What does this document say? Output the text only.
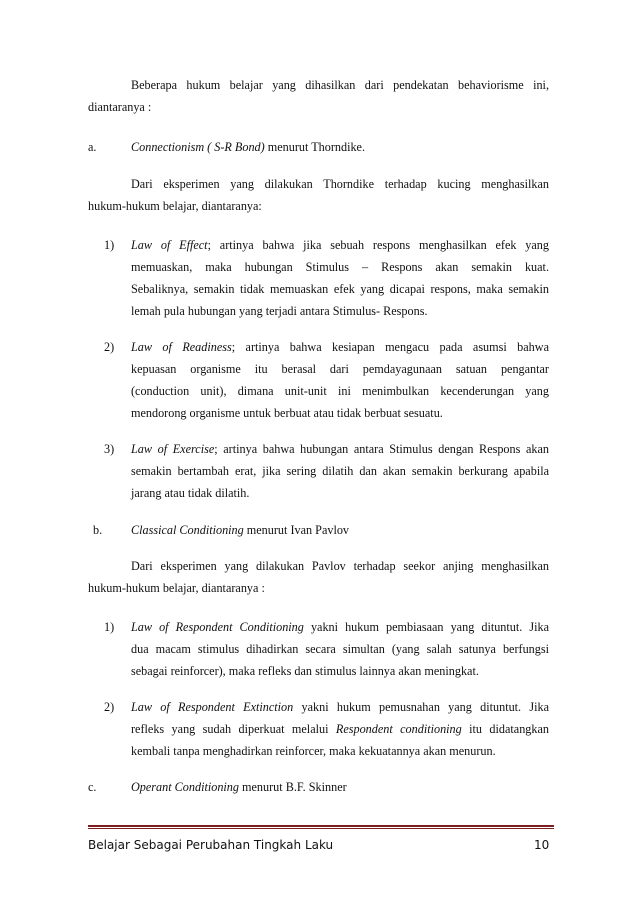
Beberapa hukum belajar yang dihasilkan dari pendekatan behaviorisme ini,
diantaranya :
a.	Connectionism ( S-R Bond) menurut Thorndike.
Dari eksperimen yang dilakukan Thorndike terhadap kucing menghasilkan
hukum-hukum belajar, diantaranya:
1) Law of Effect; artinya bahwa jika sebuah respons menghasilkan efek yang
memuaskan, maka hubungan Stimulus – Respons akan semakin kuat.
Sebaliknya, semakin tidak memuaskan efek yang dicapai respons, maka semakin
lemah pula hubungan yang terjadi antara Stimulus- Respons.
2) Law of Readiness; artinya bahwa kesiapan mengacu pada asumsi bahwa
kepuasan organisme itu berasal dari pemdayagunaan satuan pengantar
(conduction unit), dimana unit-unit ini menimbulkan kecenderungan yang
mendorong organisme untuk berbuat atau tidak berbuat sesuatu.
3) Law of Exercise; artinya bahwa hubungan antara Stimulus dengan Respons akan
semakin bertambah erat, jika sering dilatih dan akan semakin berkurang apabila
jarang atau tidak dilatih.
b. Classical Conditioning menurut Ivan Pavlov
Dari eksperimen yang dilakukan Pavlov terhadap seekor anjing menghasilkan
hukum-hukum belajar, diantaranya :
1) Law of Respondent Conditioning yakni hukum pembiasaan yang dituntut. Jika
dua macam stimulus dihadirkan secara simultan (yang salah satunya berfungsi
sebagai reinforcer), maka refleks dan stimulus lainnya akan meningkat.
2) Law of Respondent Extinction yakni hukum pemusnahan yang dituntut. Jika
refleks yang sudah diperkuat melalui Respondent conditioning itu didatangkan
kembali tanpa menghadirkan reinforcer, maka kekuatannya akan menurun.
c.	Operant Conditioning menurut B.F. Skinner
Belajar Sebagai Perubahan Tingkah Laku	10
